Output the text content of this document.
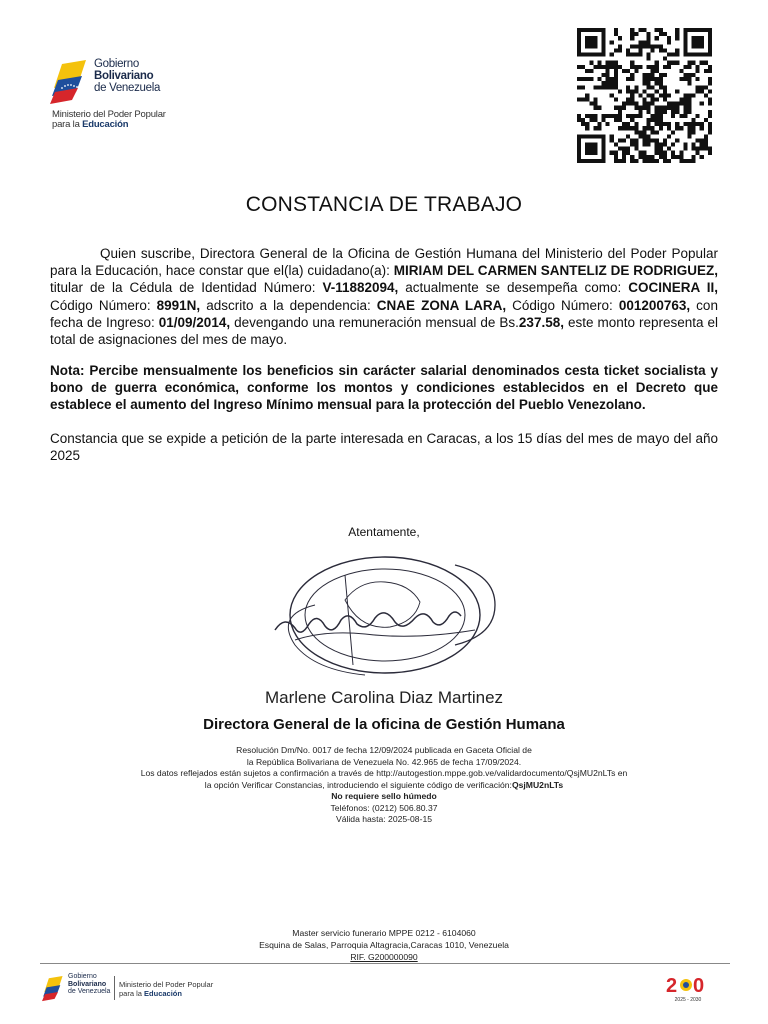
Gobierno
Bolivariano
de Venezuela
Ministerio del Poder Popular
para la Educación
CONSTANCIA DE TRABAJO
Quien suscribe, Directora General de la Oficina de Gestión Humana del Ministerio del Poder Popular para la Educación, hace constar que el(la) cuidadano(a): MIRIAM DEL CARMEN SANTELIZ DE RODRIGUEZ, titular de la Cédula de Identidad Número: V-11882094, actualmente se desempeña como: COCINERA II, Código Número: 8991N, adscrito a la dependencia: CNAE ZONA LARA, Código Número: 001200763, con fecha de Ingreso: 01/09/2014, devengando una remuneración mensual de Bs.237.58, este monto representa el total de asignaciones del mes de mayo.
Nota: Percibe mensualmente los beneficios sin carácter salarial denominados cesta ticket socialista y bono de guerra económica, conforme los montos y condiciones establecidos en el Decreto que establece el aumento del Ingreso Mínimo mensual para la protección del Pueblo Venezolano.
Constancia que se expide a petición de la parte interesada en Caracas, a los 15 días del mes de mayo del año 2025
Atentamente,
Marlene Carolina Diaz Martinez
Directora General de la oficina de Gestión Humana
Resolución Dm/No. 0017 de fecha 12/09/2024 publicada en Gaceta Oficial de
la República Bolivariana de Venezuela No. 42.965 de fecha 17/09/2024.
Los datos reflejados están sujetos a confirmación a través de http://autogestion.mppe.gob.ve/validardocumento/QsjMU2nLTs en
la opción Verificar Constancias, introduciendo el siguiente código de verificación:QsjMU2nLTs
No requiere sello húmedo
Teléfonos: (0212) 506.80.37
Válida hasta: 2025-08-15
Master servicio funerario MPPE 0212 - 6104060
Esquina de Salas, Parroquia Altagracia,Caracas 1010, Venezuela
RIF. G200000090
Gobierno
Bolivariano
de Venezuela
Ministerio del Poder Popular
para la Educación	2 0
2025 - 2030
